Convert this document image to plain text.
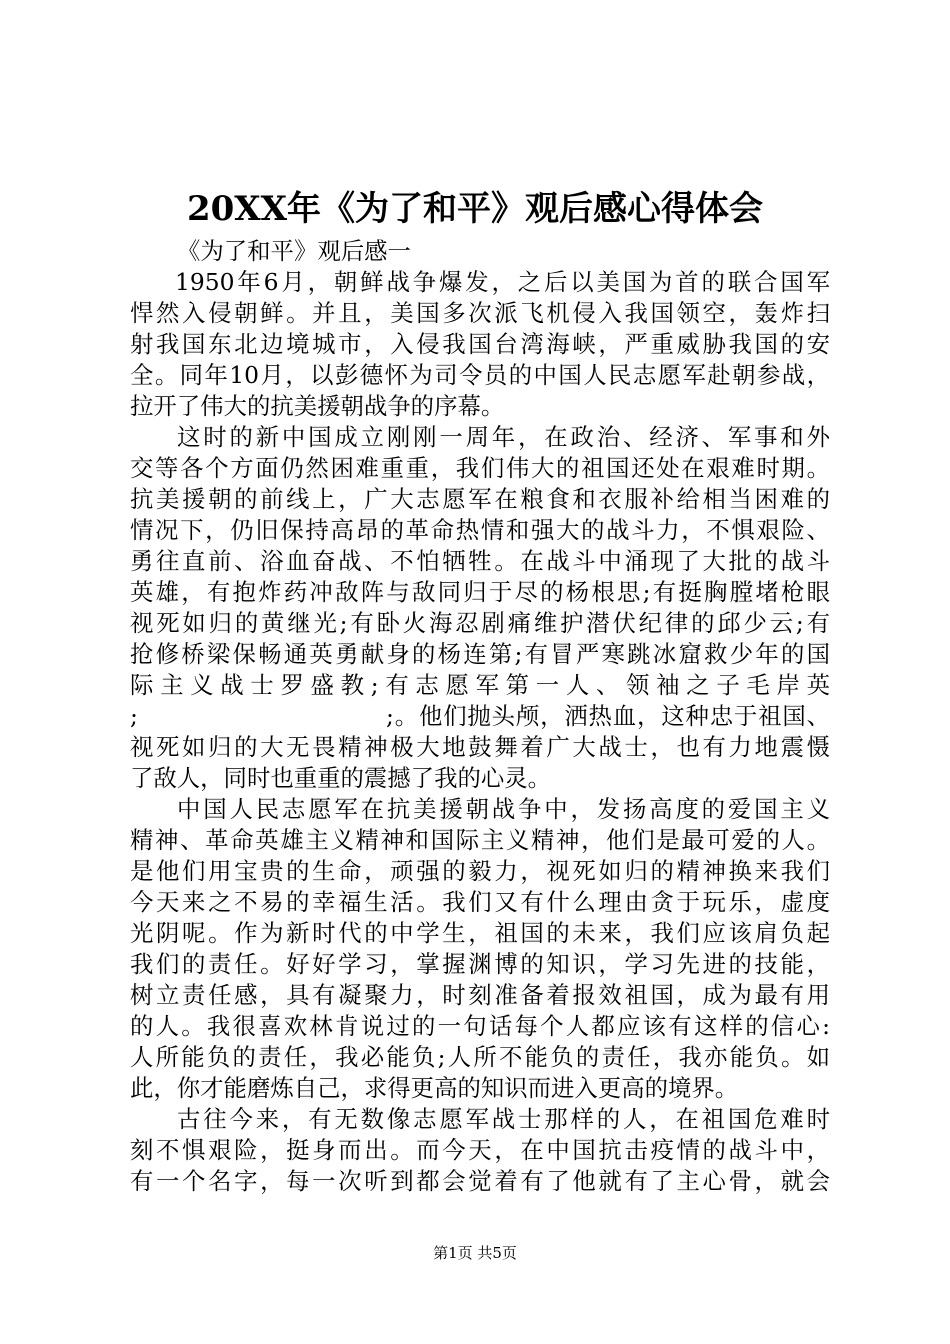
20XX年《为了和平》观后感心得体会
《为了和平》观后感一
1950年6月，朝鲜战争爆发，之后以美国为首的联合国军
悍然入侵朝鲜。并且，美国多次派飞机侵入我国领空，轰炸扫
射我国东北边境城市，入侵我国台湾海峡，严重威胁我国的安
全。同年10月，以彭德怀为司令员的中国人民志愿军赴朝参战，
拉开了伟大的抗美援朝战争的序幕。
这时的新中国成立刚刚一周年，在政治、经济、军事和外
交等各个方面仍然困难重重，我们伟大的祖国还处在艰难时期。
抗美援朝的前线上，广大志愿军在粮食和衣服补给相当困难的
情况下，仍旧保持高昂的革命热情和强大的战斗力，不惧艰险、
勇往直前、浴血奋战、不怕牺牲。在战斗中涌现了大批的战斗
英雄，有抱炸药冲敌阵与敌同归于尽的杨根思;有挺胸膛堵枪眼
视死如归的黄继光;有卧火海忍剧痛维护潜伏纪律的邱少云;有
抢修桥梁保畅通英勇献身的杨连第;有冒严寒跳冰窟救少年的国
际主义战士罗盛教;有志愿军第一人、领袖之子毛岸英
;                              ;。他们抛头颅，洒热血，这种忠于祖国、
视死如归的大无畏精神极大地鼓舞着广大战士，也有力地震慑
了敌人，同时也重重的震撼了我的心灵。
中国人民志愿军在抗美援朝战争中，发扬高度的爱国主义
精神、革命英雄主义精神和国际主义精神，他们是最可爱的人。
是他们用宝贵的生命，顽强的毅力，视死如归的精神换来我们
今天来之不易的幸福生活。我们又有什么理由贪于玩乐，虚度
光阴呢。作为新时代的中学生，祖国的未来，我们应该肩负起
我们的责任。好好学习，掌握渊博的知识，学习先进的技能，
树立责任感，具有凝聚力，时刻准备着报效祖国，成为最有用
的人。我很喜欢林肯说过的一句话每个人都应该有这样的信心:
人所能负的责任，我必能负;人所不能负的责任，我亦能负。如
此，你才能磨炼自己，求得更高的知识而进入更高的境界。
古往今来，有无数像志愿军战士那样的人，在祖国危难时
刻不惧艰险，挺身而出。而今天，在中国抗击疫情的战斗中，
有一个名字，每一次听到都会觉着有了他就有了主心骨，就会
第1页 共5页
